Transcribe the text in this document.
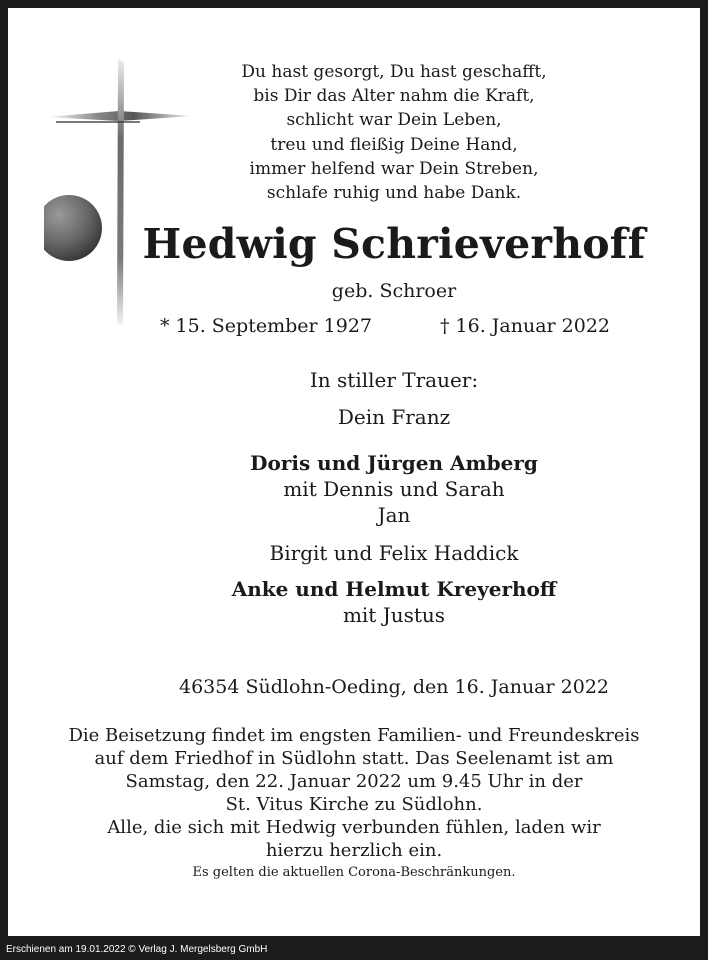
Du hast gesorgt, Du hast geschafft,
bis Dir das Alter nahm die Kraft,
schlicht war Dein Leben,
treu und fleißig Deine Hand,
immer helfend war Dein Streben,
schlafe ruhig und habe Dank.
Hedwig Schrieverhoff
geb. Schroer
* 15. September 1927	† 16. Januar 2022
In stiller Trauer:
Dein Franz
Doris und Jürgen Amberg
mit Dennis und Sarah
Jan
Birgit und Felix Haddick
Anke und Helmut Kreyerhoff
mit Justus
46354 Südlohn-Oeding, den 16. Januar 2022
Die Beisetzung findet im engsten Familien- und Freundeskreis
auf dem Friedhof in Südlohn statt. Das Seelenamt ist am
Samstag, den 22. Januar 2022 um 9.45 Uhr in der
St. Vitus Kirche zu Südlohn.
Alle, die sich mit Hedwig verbunden fühlen, laden wir
hierzu herzlich ein.
Es gelten die aktuellen Corona-Beschränkungen.
Erschienen am 19.01.2022 © Verlag J. Mergelsberg GmbH
